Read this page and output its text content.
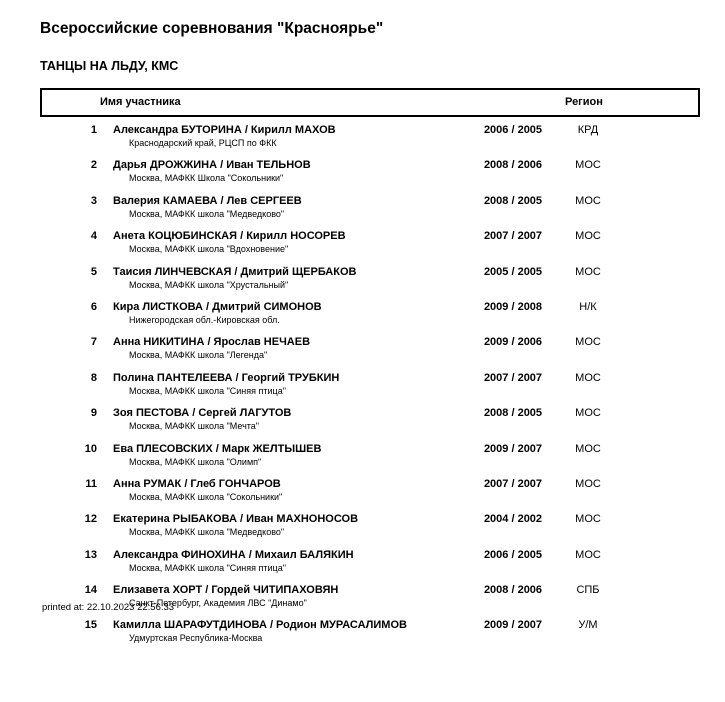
Всероссийские соревнования "Красноярье"
ТАНЦЫ НА ЛЬДУ, КМС
Имя участника	Регион
1 Александра БУТОРИНА / Кирилл МАХОВ
Краснодарский край, РЦСП по ФКК
2006 / 2005	КРД
2 Дарья ДРОЖЖИНА / Иван ТЕЛЬНОВ
Москва, МАФКК Школа "Сокольники"
2008 / 2006	МОС
3 Валерия КАМАЕВА / Лев СЕРГЕЕВ
Москва, МАФКК школа "Медведково"
2008 / 2005	МОС
4 Анета КОЦЮБИНСКАЯ / Кирилл НОСОРЕВ
Москва, МАФКК школа "Вдохновение"
2007 / 2007	МОС
5 Таисия ЛИНЧЕВСКАЯ / Дмитрий ЩЕРБАКОВ
Москва, МАФКК школа "Хрустальный"
2005 / 2005	МОС
6 Кира ЛИСТКОВА / Дмитрий СИМОНОВ
Нижегородская обл.-Кировская обл.
2009 / 2008	Н/К
7 Анна НИКИТИНА / Ярослав НЕЧАЕВ
Москва, МАФКК школа "Легенда"
2009 / 2006	МОС
8 Полина ПАНТЕЛЕЕВА / Георгий ТРУБКИН
Москва, МАФКК школа "Синяя птица"
2007 / 2007	МОС
9 Зоя ПЕСТОВА / Сергей ЛАГУТОВ
Москва, МАФКК школа "Мечта"
2008 / 2005	МОС
10 Ева ПЛЕСОВСКИХ / Марк ЖЕЛТЫШЕВ
Москва, МАФКК школа "Олимп"
2009 / 2007	МОС
11 Анна РУМАК / Глеб ГОНЧАРОВ
Москва, МАФКК школа "Сокольники"
2007 / 2007	МОС
12 Екатерина РЫБАКОВА / Иван МАХНОНОСОВ
Москва, МАФКК школа "Медведково"
2004 / 2002	МОС
13 Александра ФИНОХИНА / Михаил БАЛЯКИН
Москва, МАФКК школа "Синяя птица"
2006 / 2005	МОС
14 Елизавета ХОРТ / Гордей ЧИТИПАХОВЯН
Санкт-Петербург, Академия ЛВС "Динамо"
2008 / 2006	СПБ
15 Камилла ШАРАФУТДИНОВА / Родион МУРАСАЛИМОВ
Удмуртская Республика-Москва
2009 / 2007	У/М
printed at: 22.10.2023 22:56:33
